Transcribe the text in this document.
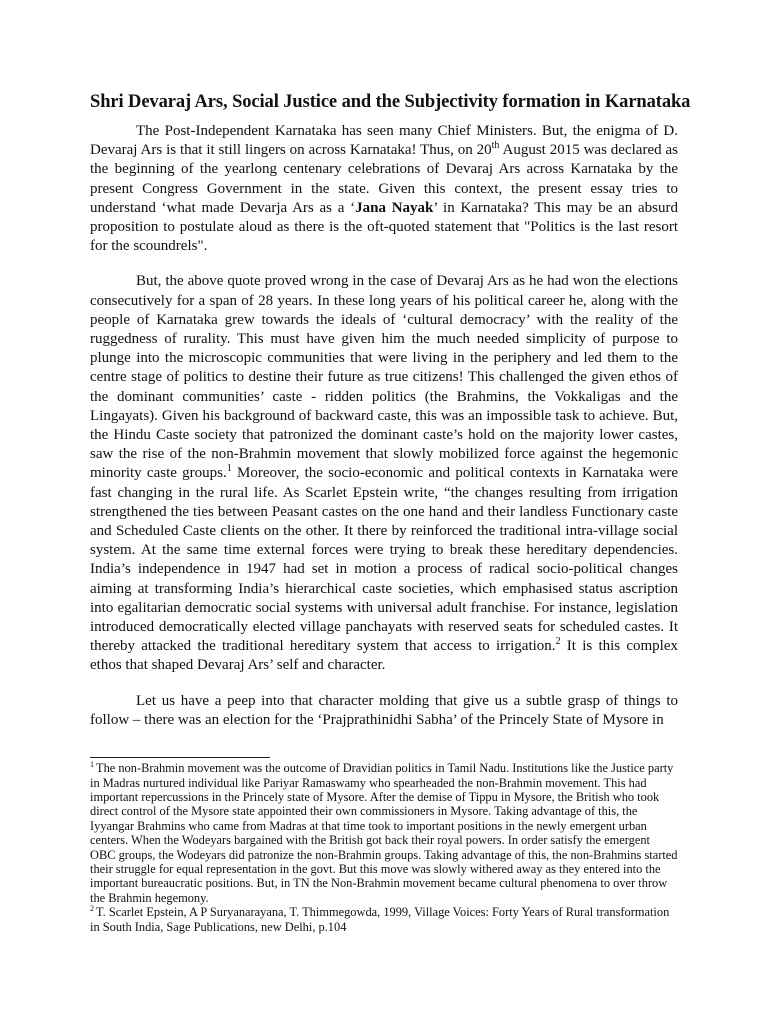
Shri Devaraj Ars, Social Justice and the Subjectivity formation in Karnataka

The Post-Independent Karnataka has seen many Chief Ministers. But, the enigma of D. Devaraj Ars is that it still lingers on across Karnataka! Thus, on 20th August 2015 was declared as the beginning of the yearlong centenary celebrations of Devaraj Ars across Karnataka by the present Congress Government in the state. Given this context, the present essay tries to understand ‘what made Devarja Ars as a ‘Jana Nayak’ in Karnataka? This may be an absurd proposition to postulate aloud as there is the oft-quoted statement that "Politics is the last resort for the scoundrels".

But, the above quote proved wrong in the case of Devaraj Ars as he had won the elections consecutively for a span of 28 years. In these long years of his political career he, along with the people of Karnataka grew towards the ideals of ‘cultural democracy’ with the reality of the ruggedness of rurality. This must have given him the much needed simplicity of purpose to plunge into the microscopic communities that were living in the periphery and led them to the centre stage of politics to destine their future as true citizens! This challenged the given ethos of the dominant communities’ caste - ridden politics (the Brahmins, the Vokkaligas and the Lingayats). Given his background of backward caste, this was an impossible task to achieve. But, the Hindu Caste society that patronized the dominant caste’s hold on the majority lower castes, saw the rise of the non-Brahmin movement that slowly mobilized force against the hegemonic minority caste groups.$^1$ Moreover, the socio-economic and political contexts in Karnataka were fast changing in the rural life. As Scarlet Epstein write, “the changes resulting from irrigation strengthened the ties between Peasant castes on the one hand and their landless Functionary caste and Scheduled Caste clients on the other. It there by reinforced the traditional intra-village social system. At the same time external forces were trying to break these hereditary dependencies. India’s independence in 1947 had set in motion a process of radical socio-political changes aiming at transforming India’s hierarchical caste societies, which emphasised status ascription into egalitarian democratic social systems with universal adult franchise. For instance, legislation introduced democratically elected village panchayats with reserved seats for scheduled castes. It thereby attacked the traditional hereditary system that access to irrigation.$^2$ It is this complex ethos that shaped Devaraj Ars’ self and character.

Let us have a peep into that character molding that give us a subtle grasp of things to follow – there was an election for the ‘Prajprathinidhi Sabha’ of the Princely State of Mysore in

$^1$ The non-Brahmin movement was the outcome of Dravidian politics in Tamil Nadu. Institutions like the Justice party in Madras nurtured individual like Pariyar Ramaswamy who spearheaded the non-Brahmin movement. This had important repercussions in the Princely state of Mysore. After the demise of Tippu in Mysore, the British who took direct control of the Mysore state appointed their own commissioners in Mysore. Taking advantage of this, the Iyyangar Brahmins who came from Madras at that time took to important positions in the newly emergent urban centers. When the Wodeyars bargained with the British got back their royal powers. In order satisfy the emergent OBC groups, the Wodeyars did patronize the non-Brahmin groups. Taking advantage of this, the non-Brahmins started their struggle for equal representation in the govt. But this move was slowly withered away as they entered into the important bureaucratic positions. But, in TN the Non-Brahmin movement became cultural phenomena to over throw the Brahmin hegemony.

$^2$ T. Scarlet Epstein, A P Suryanarayana, T. Thimmegowda, 1999, Village Voices: Forty Years of Rural transformation in South India, Sage Publications, new Delhi, p.104
